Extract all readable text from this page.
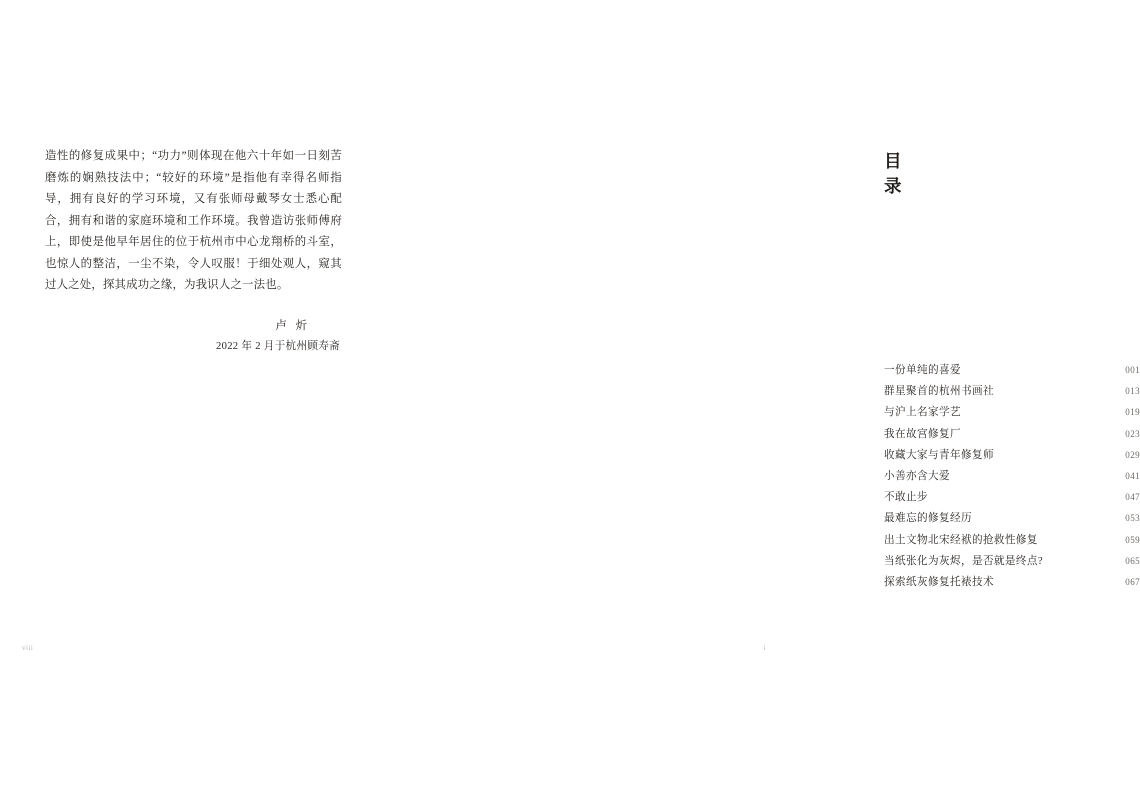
造性的修复成果中；“功力”则体现在他六十年如一日刻苦磨炼的娴熟技法中；“较好的环境”是指他有幸得名师指导，拥有良好的学习环境，又有张师母戴琴女士悉心配合，拥有和谐的家庭环境和工作环境。我曾造访张师傅府上，即使是他早年居住的位于杭州市中心龙翔桥的斗室，也惊人的整洁，一尘不染，令人叹服！于细处观人，窥其过人之处，探其成功之缘，为我识人之一法也。

卢 炘
2022 年 2 月于杭州顾寿斋
viii
目 录
一份单纯的喜爱	001
群星聚首的杭州书画社	013
与沪上名家学艺	019
我在故宫修复厂	023
收藏大家与青年修复师	029
小善亦含大爱	041
不敢止步	047
最难忘的修复经历	053
出土文物北宋经袱的抢救性修复	059
当纸张化为灰烬，是否就是终点?	065
探索纸灰修复托裱技术	067
i
